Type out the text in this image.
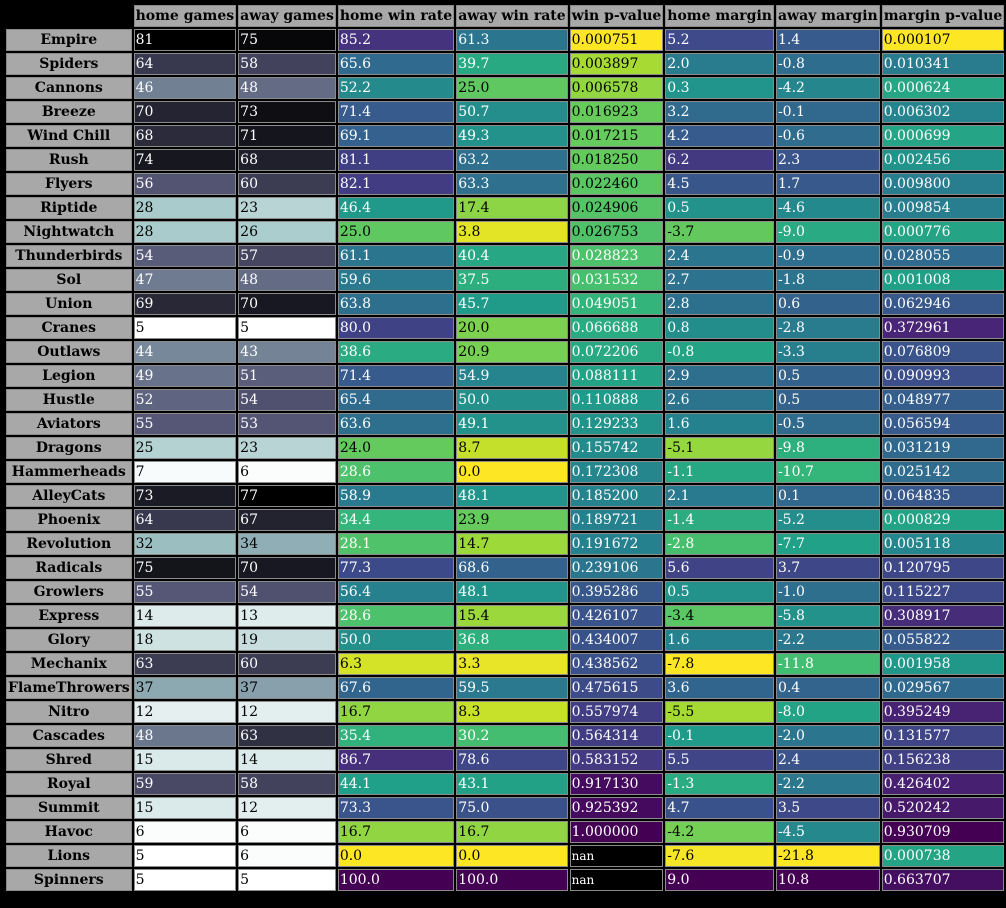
	home games	away games	home win rate	away win rate	win p-value	home margin	away margin	margin p-value
Empire	81	75	85.2	61.3	0.000751	5.2	1.4	0.000107
Spiders	64	58	65.6	39.7	0.003897	2.0	-0.8	0.010341
Cannons	46	48	52.2	25.0	0.006578	0.3	-4.2	0.000624
Breeze	70	73	71.4	50.7	0.016923	3.2	-0.1	0.006302
Wind Chill	68	71	69.1	49.3	0.017215	4.2	-0.6	0.000699
Rush	74	68	81.1	63.2	0.018250	6.2	2.3	0.002456
Flyers	56	60	82.1	63.3	0.022460	4.5	1.7	0.009800
Riptide	28	23	46.4	17.4	0.024906	0.5	-4.6	0.009854
Nightwatch	28	26	25.0	3.8	0.026753	-3.7	-9.0	0.000776
Thunderbirds	54	57	61.1	40.4	0.028823	2.4	-0.9	0.028055
Sol	47	48	59.6	37.5	0.031532	2.7	-1.8	0.001008
Union	69	70	63.8	45.7	0.049051	2.8	0.6	0.062946
Cranes	5	5	80.0	20.0	0.066688	0.8	-2.8	0.372961
Outlaws	44	43	38.6	20.9	0.072206	-0.8	-3.3	0.076809
Legion	49	51	71.4	54.9	0.088111	2.9	0.5	0.090993
Hustle	52	54	65.4	50.0	0.110888	2.6	0.5	0.048977
Aviators	55	53	63.6	49.1	0.129233	1.6	-0.5	0.056594
Dragons	25	23	24.0	8.7	0.155742	-5.1	-9.8	0.031219
Hammerheads	7	6	28.6	0.0	0.172308	-1.1	-10.7	0.025142
AlleyCats	73	77	58.9	48.1	0.185200	2.1	0.1	0.064835
Phoenix	64	67	34.4	23.9	0.189721	-1.4	-5.2	0.000829
Revolution	32	34	28.1	14.7	0.191672	-2.8	-7.7	0.005118
Radicals	75	70	77.3	68.6	0.239106	5.6	3.7	0.120795
Growlers	55	54	56.4	48.1	0.395286	0.5	-1.0	0.115227
Express	14	13	28.6	15.4	0.426107	-3.4	-5.8	0.308917
Glory	18	19	50.0	36.8	0.434007	1.6	-2.2	0.055822
Mechanix	63	60	6.3	3.3	0.438562	-7.8	-11.8	0.001958
FlameThrowers	37	37	67.6	59.5	0.475615	3.6	0.4	0.029567
Nitro	12	12	16.7	8.3	0.557974	-5.5	-8.0	0.395249
Cascades	48	63	35.4	30.2	0.564314	-0.1	-2.0	0.131577
Shred	15	14	86.7	78.6	0.583152	5.5	2.4	0.156238
Royal	59	58	44.1	43.1	0.917130	-1.3	-2.2	0.426402
Summit	15	12	73.3	75.0	0.925392	4.7	3.5	0.520242
Havoc	6	6	16.7	16.7	1.000000	-4.2	-4.5	0.930709
Lions	5	6	0.0	0.0	nan	-7.6	-21.8	0.000738
Spinners	5	5	100.0	100.0	nan	9.0	10.8	0.663707
